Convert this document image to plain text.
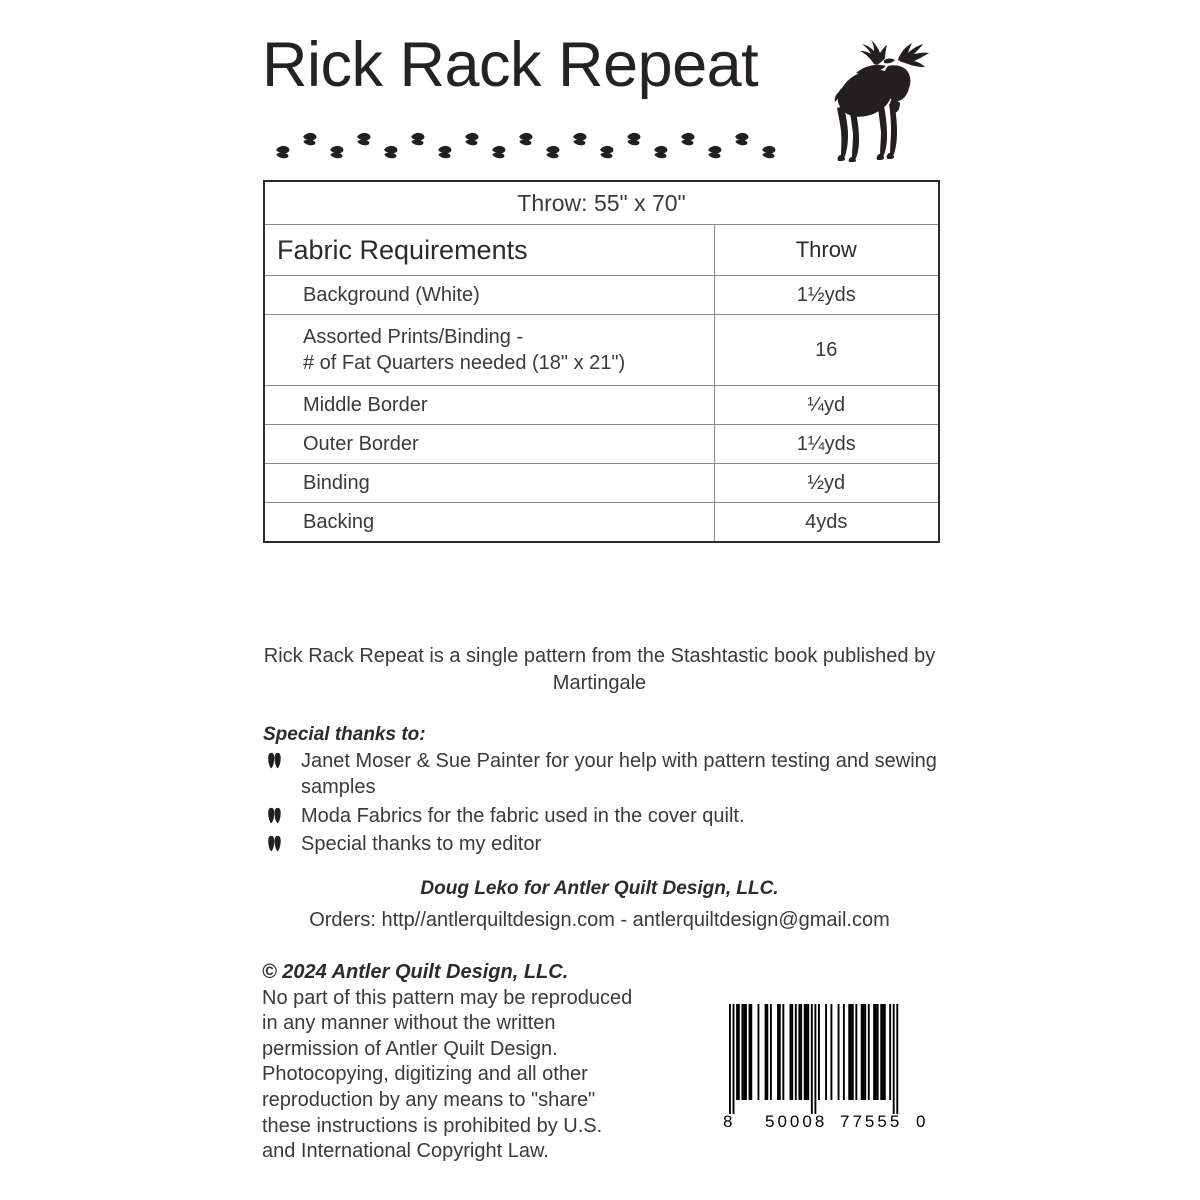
Rick Rack Repeat
Throw: 55" x 70"	
Fabric Requirements	Throw
Background (White)	1½yds

Assorted Prints/Binding -
# of Fat Quarters needed (18" x 21")	16
Middle Border	¼yd
Outer Border	1¼yds
Binding	½yd
Backing	4yds
Rick Rack Repeat is a single pattern from the Stashtastic book published by Martingale
Special thanks to:
Janet Moser & Sue Painter for your help with pattern testing and sewing samples
Moda Fabrics for the fabric used in the cover quilt.
Special thanks to my editor
Doug Leko for Antler Quilt Design, LLC.
Orders: http//antlerquiltdesign.com - antlerquiltdesign@gmail.com
© 2024 Antler Quilt Design, LLC.
No part of this pattern may be reproduced
in any manner without the written
permission of Antler Quilt Design.
Photocopying, digitizing and all other
reproduction by any means to "share"
these instructions is prohibited by U.S.
and International Copyright Law.
8 50008 77555 0
